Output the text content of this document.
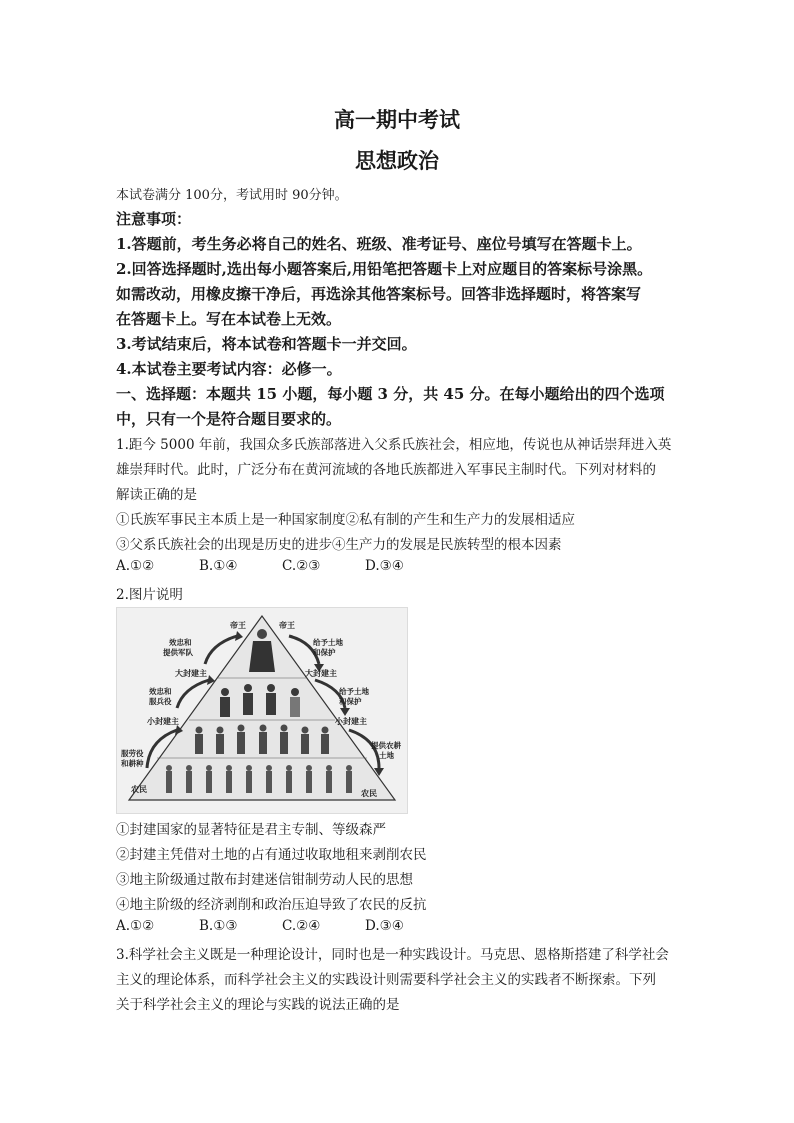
高一期中考试
思想政治
本试卷满分 100分，考试用时 90分钟。
注意事项：
1.答题前，考生务必将自己的姓名、班级、准考证号、座位号填写在答题卡上。
2.回答选择题时,选出每小题答案后,用铅笔把答题卡上对应题目的答案标号涂黑。
如需改动，用橡皮擦干净后，再选涂其他答案标号。回答非选择题时，将答案写
在答题卡上。写在本试卷上无效。
3.考试结束后，将本试卷和答题卡一并交回。
4.本试卷主要考试内容：必修一。
一、选择题：本题共 15 小题，每小题 3 分，共 45 分。在每小题给出的四个选项
中，只有一个是符合题目要求的。
1.距今 5000 年前，我国众多氏族部落进入父系氏族社会，相应地，传说也从神话崇拜进入英
雄崇拜时代。此时，广泛分布在黄河流域的各地氏族都进入军事民主制时代。下列对材料的
解读正确的是
①氏族军事民主本质上是一种国家制度②私有制的产生和生产力的发展相适应
③父系氏族社会的出现是历史的进步④生产力的发展是民族转型的根本因素
A.①②	B.①④	C.②③	D.③④
2.图片说明
帝王	帝王
效忠和
提供军队
给予土地
和保护
大封建主	大封建主
效忠和
服兵役
给予土地
和保护
小封建主	小封建主
服劳役
和耕种
提供农耕
土地
农民	农民
①封建国家的显著特征是君主专制、等级森严
②封建主凭借对土地的占有通过收取地租来剥削农民
③地主阶级通过散布封建迷信钳制劳动人民的思想
④地主阶级的经济剥削和政治压迫导致了农民的反抗
A.①②	B.①③	C.②④	D.③④
3.科学社会主义既是一种理论设计，同时也是一种实践设计。马克思、恩格斯搭建了科学社会
主义的理论体系，而科学社会主义的实践设计则需要科学社会主义的实践者不断探索。下列
关于科学社会主义的理论与实践的说法正确的是
